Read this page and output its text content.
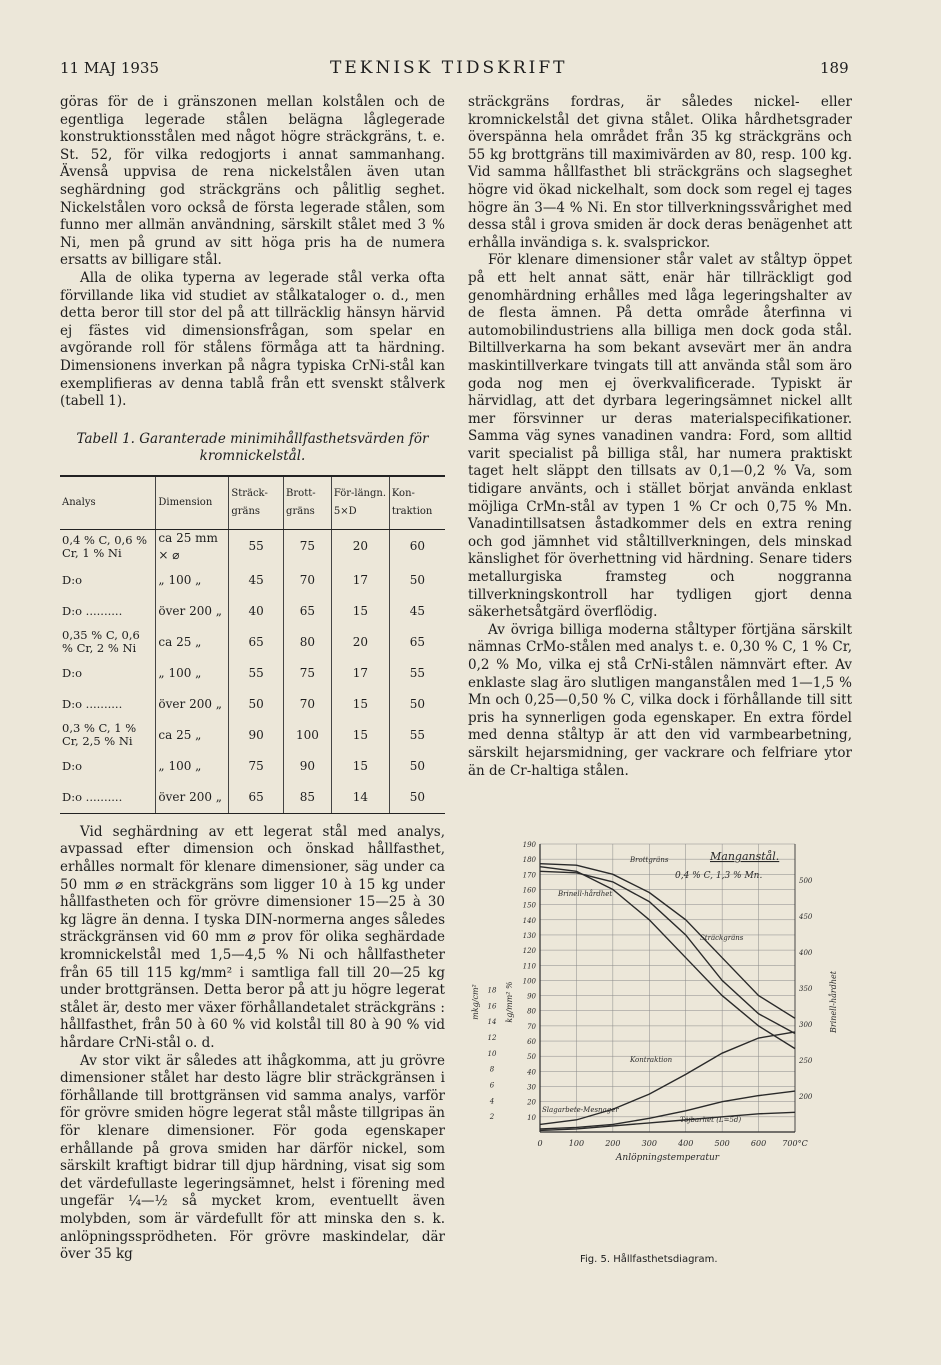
11 MAJ 1935	TEKNISK TIDSKRIFT	189

göras för de i gränszonen mellan kolstålen och de egentliga legerade stålen belägna låglegerade konstruktionsstålen med något högre sträckgräns, t. e. St. 52, för vilka redogjorts i annat sammanhang. Ävenså uppvisa de rena nickelstålen även utan seghärdning god sträckgräns och pålitlig seghet. Nickelstålen voro också de första legerade stålen, som funno mer allmän användning, särskilt stålet med 3 % Ni, men på grund av sitt höga pris ha de numera ersatts av billigare stål.

Alla de olika typerna av legerade stål verka ofta förvillande lika vid studiet av stålkataloger o. d., men detta beror till stor del på att tillräcklig hänsyn härvid ej fästes vid dimensionsfrågan, som spelar en avgörande roll för stålens förmåga att ta härdning. Dimensionens inverkan på några typiska CrNi-stål kan exemplifieras av denna tablå från ett svenskt stålverk (tabell 1).

Tabell 1. Garanterade minimihållfasthetsvärden för kromnickelstål.
Analys	Dimension	Sträck-gräns	Brott-gräns	För-längn. 5×D	Kon-traktion
0,4 % C, 0,6 % Cr, 1 % Ni	ca 25 mm × ⌀	55	75	20	60
D:o	„ 100 „	45	70	17	50
D:o ..........	över 200 „	40	65	15	45
0,35 % C, 0,6 % Cr, 2 % Ni	ca 25 „	65	80	20	65
D:o	„ 100 „	55	75	17	55
D:o ..........	över 200 „	50	70	15	50
0,3 % C, 1 % Cr, 2,5 % Ni	ca 25 „	90	100	15	55
D:o	„ 100 „	75	90	15	50
D:o ..........	över 200 „	65	85	14	50

Vid seghärdning av ett legerat stål med analys, avpassad efter dimension och önskad hållfasthet, erhålles normalt för klenare dimensioner, säg under ca 50 mm ⌀ en sträckgräns som ligger 10 à 15 kg under hållfastheten och för grövre dimensioner 15—25 à 30 kg lägre än denna. I tyska DIN-normerna anges således sträckgränsen vid 60 mm ⌀ prov för olika seghärdade kromnickelstål med 1,5—4,5 % Ni och hållfastheter från 65 till 115 kg/mm² i samtliga fall till 20—25 kg under brottgränsen. Detta beror på att ju högre legerat stålet är, desto mer växer förhållandetalet sträckgräns : hållfasthet, från 50 à 60 % vid kolstål till 80 à 90 % vid hårdare CrNi-stål o. d.

Av stor vikt är således att ihågkomma, att ju grövre dimensioner stålet har desto lägre blir sträckgränsen i förhållande till brottgränsen vid samma analys, varför för grövre smiden högre legerat stål måste tillgripas än för klenare dimensioner. För goda egenskaper erhållande på grova smiden har därför nickel, som särskilt kraftigt bidrar till djup härdning, visat sig som det värdefullaste legeringsämnet, helst i förening med ungefär ¼—½ så mycket krom, eventuellt även molybden, som är värdefullt för att minska den s. k. anlöpningssprödheten. För grövre maskindelar, där över 35 kg

sträckgräns fordras, är således nickel- eller kromnickelstål det givna stålet. Olika hårdhetsgrader överspänna hela området från 35 kg sträckgräns och 55 kg brottgräns till maximivärden av 80, resp. 100 kg. Vid samma hållfasthet bli sträckgräns och slagseghet högre vid ökad nickelhalt, som dock som regel ej tages högre än 3—4 % Ni. En stor tillverkningssvårighet med dessa stål i grova smiden är dock deras benägenhet att erhålla invändiga s. k. svalsprickor.

För klenare dimensioner står valet av ståltyp öppet på ett helt annat sätt, enär här tillräckligt god genomhärdning erhålles med låga legeringshalter av de flesta ämnen. På detta område återfinna vi automobilindustriens alla billiga men dock goda stål. Biltillverkarna ha som bekant avsevärt mer än andra maskintillverkare tvingats till att använda stål som äro goda nog men ej överkvalificerade. Typiskt är härvidlag, att det dyrbara legeringsämnet nickel allt mer försvinner ur deras materialspecifikationer. Samma väg synes vanadinen vandra: Ford, som alltid varit specialist på billiga stål, har numera praktiskt taget helt släppt den tillsats av 0,1—0,2 % Va, som tidigare använts, och i stället börjat använda enklast möjliga CrMn-stål av typen 1 % Cr och 0,75 % Mn. Vanadintillsatsen åstadkommer dels en extra rening och god jämnhet vid ståltillverkningen, dels minskad känslighet för överhettning vid härdning. Senare tiders metallurgiska framsteg och noggranna tillverkningskontroll har tydligen gjort denna säkerhetsåtgärd överflödig.

Av övriga billiga moderna ståltyper förtjäna särskilt nämnas CrMo-stålen med analys t. e. 0,30 % C, 1 % Cr, 0,2 % Mo, vilka ej stå CrNi-stålen nämnvärt efter. Av enklaste slag äro slutligen manganstålen med 1—1,5 % Mn och 0,25—0,50 % C, vilka dock i förhållande till sitt pris ha synnerligen goda egenskaper. En extra fördel med denna ståltyp är att den vid varmbearbetning, särskilt hejarsmidning, ger vackrare och felfriare ytor än de Cr-haltiga stålen.

0	100	200	300	400	500	600 700°C
190
180
170
160
150
140
130
120
110
100
90
80
70
60
50
40
30
20
10
18
16
14
12
10
8
6
4
2
500
450
400
350
300
250
200
kg/mm² %
mkg/cm²	Brinell-hårdhet
Anlöpningstemperatur
Manganstål.
0,4 % C, 1,3 % Mn.
Brottgräns
Brinell-hårdhet
Sträckgräns
Kontraktion
Slagarbete-Mesnager
Töjbarhet (L=5d)
Fig. 5. Hållfasthetsdiagram.
